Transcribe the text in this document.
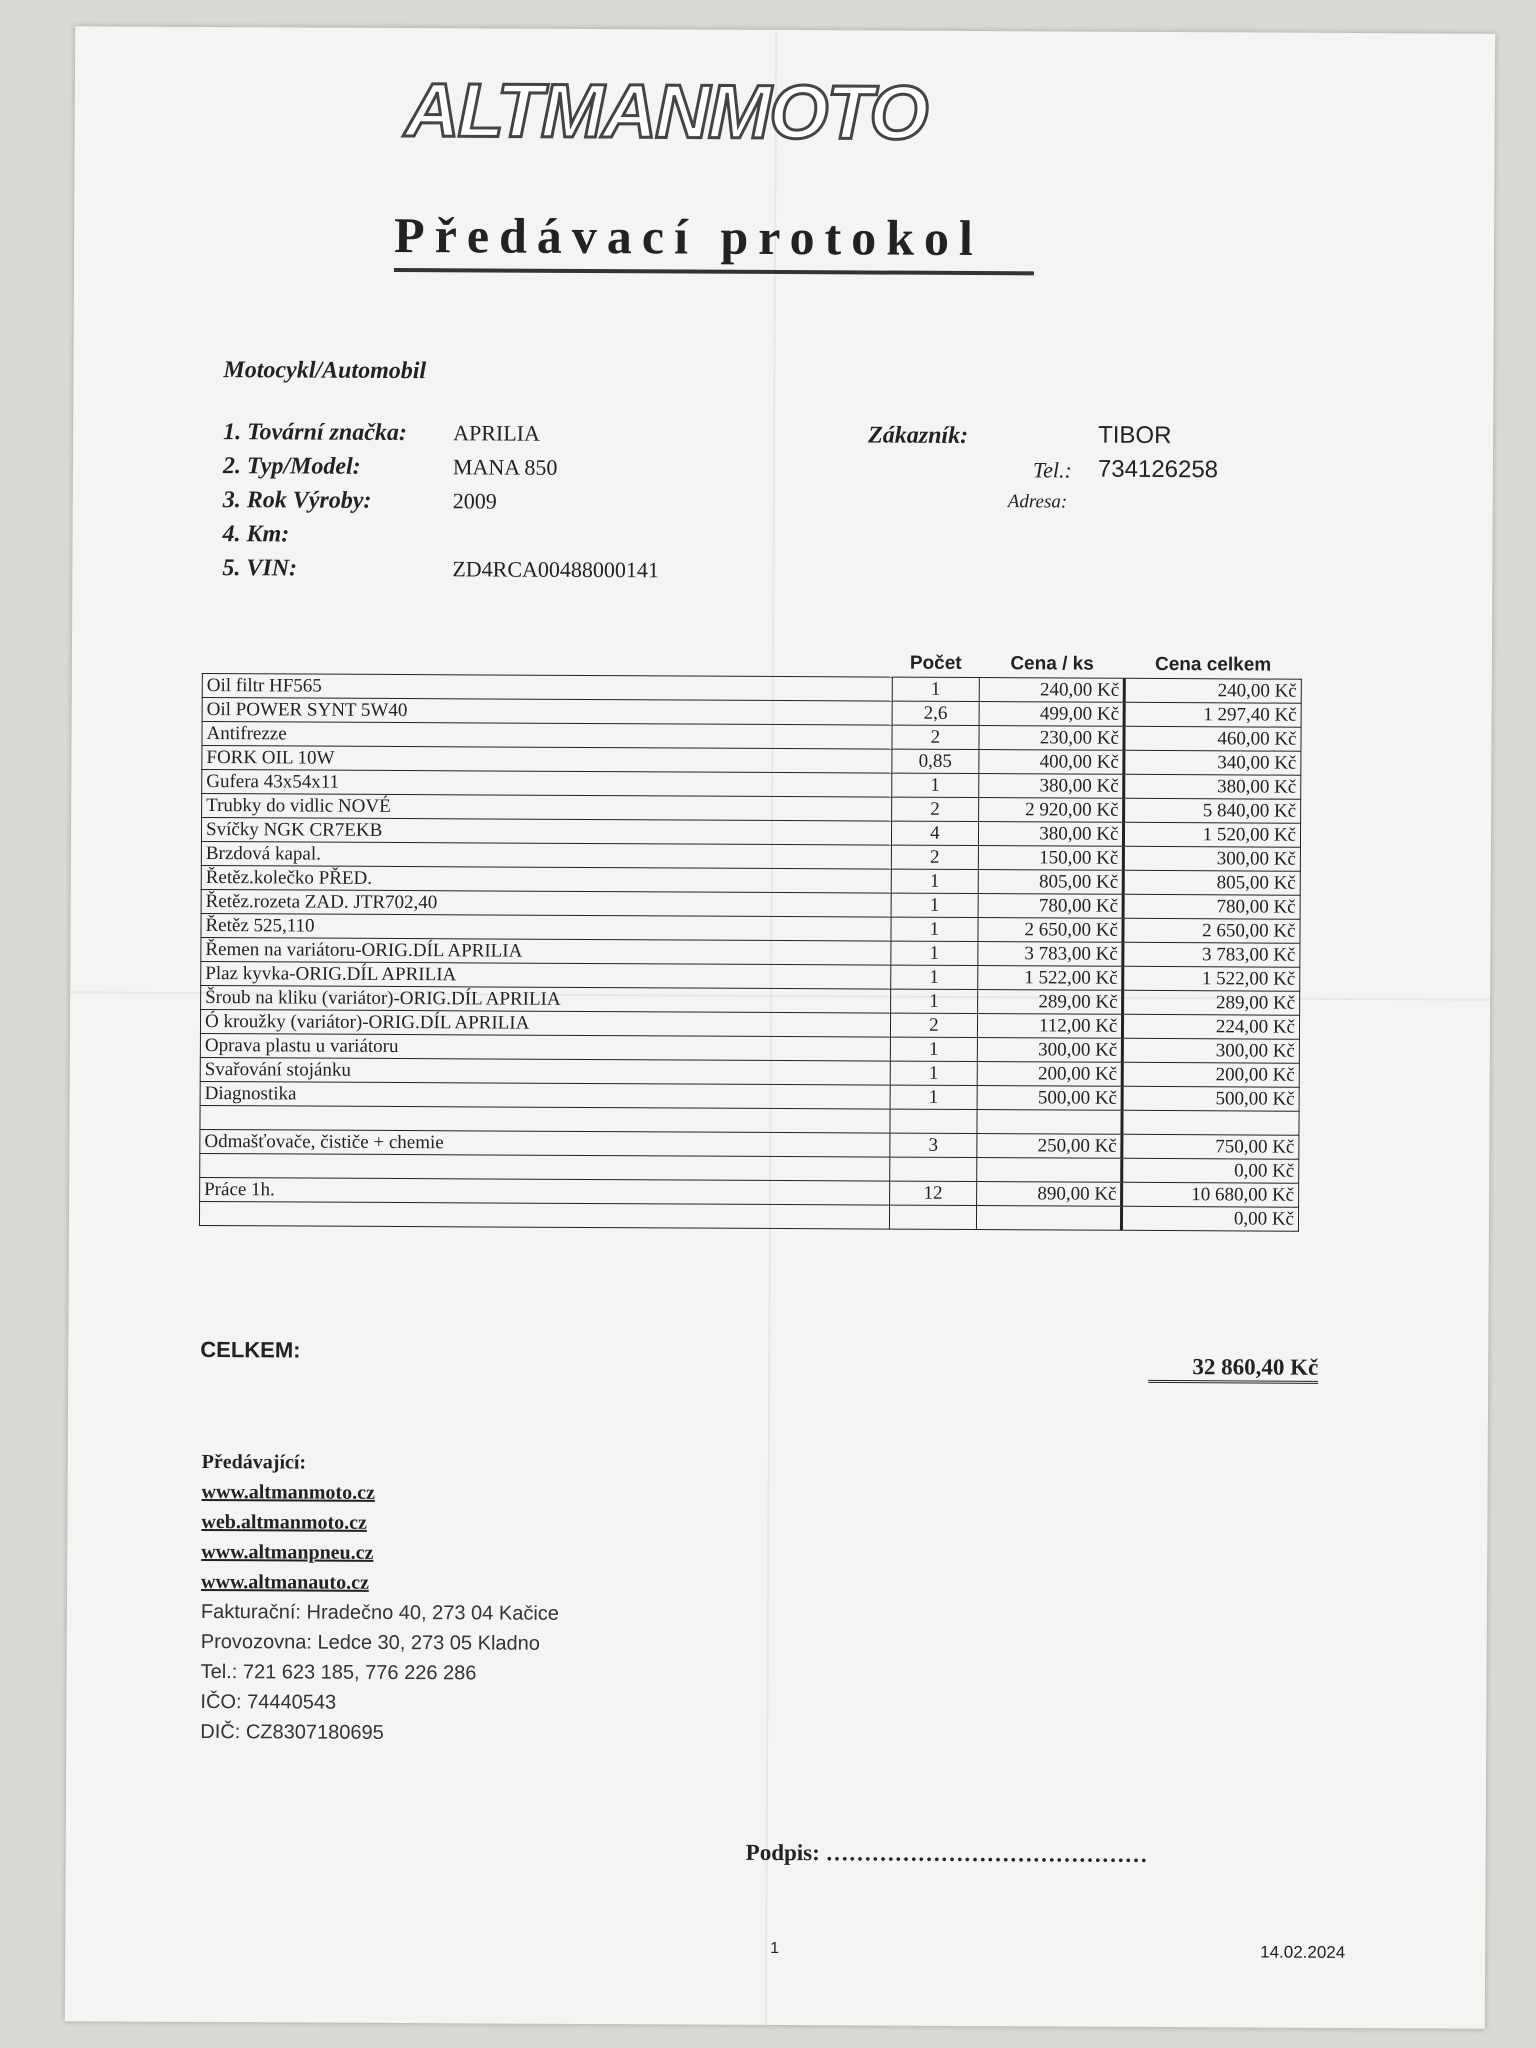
ALTMANMOTO
Předávací protokol
Motocykl/Automobil
1. Tovární značka: APRILIA
2. Typ/Model:	MANA 850
3. Rok Výroby:	2009
4. Km:
5. VIN:	ZD4RCA00488000141
Zákazník:	TIBOR
Tel.: 734126258
Adresa:
	Počet	Cena / ks	Cena celkem
Oil filtr HF565	1	240,00 Kč	240,00 Kč
Oil POWER SYNT 5W40	2,6	499,00 Kč	1 297,40 Kč
Antifrezze	2	230,00 Kč	460,00 Kč
FORK OIL 10W	0,85	400,00 Kč	340,00 Kč
Gufera 43x54x11	1	380,00 Kč	380,00 Kč
Trubky do vidlic NOVÉ	2	2 920,00 Kč	5 840,00 Kč
Svíčky NGK CR7EKB	4	380,00 Kč	1 520,00 Kč
Brzdová kapal.	2	150,00 Kč	300,00 Kč
Řetěz.kolečko PŘED.	1	805,00 Kč	805,00 Kč
Řetěz.rozeta ZAD. JTR702,40	1	780,00 Kč	780,00 Kč
Řetěz 525,110	1	2 650,00 Kč	2 650,00 Kč
Řemen na variátoru-ORIG.DÍL APRILIA	1	3 783,00 Kč	3 783,00 Kč
Plaz kyvka-ORIG.DÍL APRILIA	1	1 522,00 Kč	1 522,00 Kč
Šroub na kliku (variátor)-ORIG.DÍL APRILIA	1	289,00 Kč	289,00 Kč
Ó kroužky (variátor)-ORIG.DÍL APRILIA	2	112,00 Kč	224,00 Kč
Oprava plastu u variátoru	1	300,00 Kč	300,00 Kč
Svařování stojánku	1	200,00 Kč	200,00 Kč
Diagnostika	1	500,00 Kč	500,00 Kč

Odmašťovače, čističe + chemie	3	250,00 Kč	750,00 Kč
			0,00 Kč
Práce 1h.	12	890,00 Kč	10 680,00 Kč
			0,00 Kč
CELKEM:
32 860,40 Kč
Předávající:
www.altmanmoto.cz
web.altmanmoto.cz
www.altmanpneu.cz
www.altmanauto.cz
Fakturační: Hradečno 40, 273 04 Kačice
Provozovna: Ledce 30, 273 05 Kladno
Tel.: 721 623 185, 776 226 286
IČO: 74440543
DIČ: CZ8307180695
Podpis: ……………………………………
1	14.02.2024
